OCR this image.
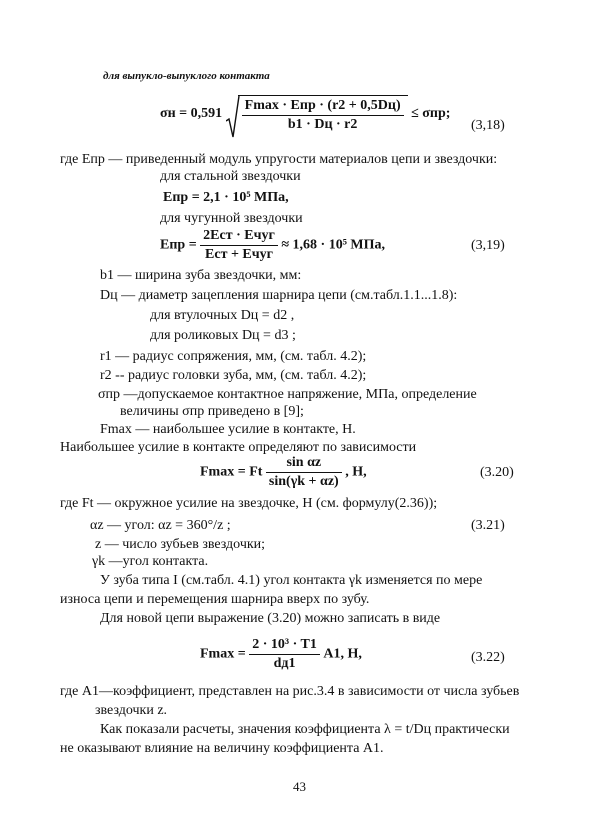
для выпукло-выпуклого контакта
$\sigma н = 0,591 \frac{\text{Fmax · Eпр · (r2 + 0,5Dц)}}{b1 \cdot Dц \cdot r2} \le \sigma пр$;
(3,18)
где Eпр — приведенный модуль упругости материалов цепи и звездочки:
для стальной звездочки
Eпр = 2,1 · 10⁵ МПа,
для чугунной звездочки
Eпр = $\frac{\text{2Eст · Eчуг}}{\text{Eст + Eчуг}} \approx 1,68 \cdot 10^5$ МПа,	(3,19)
b1 — ширина зуба звездочки, мм:
Dц — диаметр зацепления шарнира цепи (см.табл.1.1...1.8):
для втулочных Dц = d2 ,
для роликовых Dц = d3 ;
r1 — радиус сопряжения, мм, (см. табл. 4.2);
r2 -- радиус головки зуба, мм, (см. табл. 4.2);
σпр —допускаемое контактное напряжение, МПа, определение
величины σпр приведено в [9];
Fmax — наибольшее усилие в контакте, Н.
Наибольшее усилие в контакте определяют по зависимости
Fmax = Ft $\frac{\text{sin αz}}{\sin(\gamma k + \alpha z)}$ , Н,	(3.20)
где Ft — окружное усилие на звездочке, Н (см. формулу(2.36));
αz — угол: αz = 360°/z ;	(3.21)
z — число зубьев звездочки;
γk —угол контакта.
У зуба типа I (см.табл. 4.1) угол контакта γk изменяется по мере
износа цепи и перемещения шарнира вверх по зубу.
Для новой цепи выражение (3.20) можно записать в виде
$Fmax = \frac{\text{2 · 10³ · T1}}{dд1} A1$, Н,	(3.22)
где A1—коэффициент, представлен на рис.3.4 в зависимости от числа зубьев
звездочки z.
Как показали расчеты, значения коэффициента λ = t/Dц практически
не оказывают влияние на величину коэффициента A1.
43
